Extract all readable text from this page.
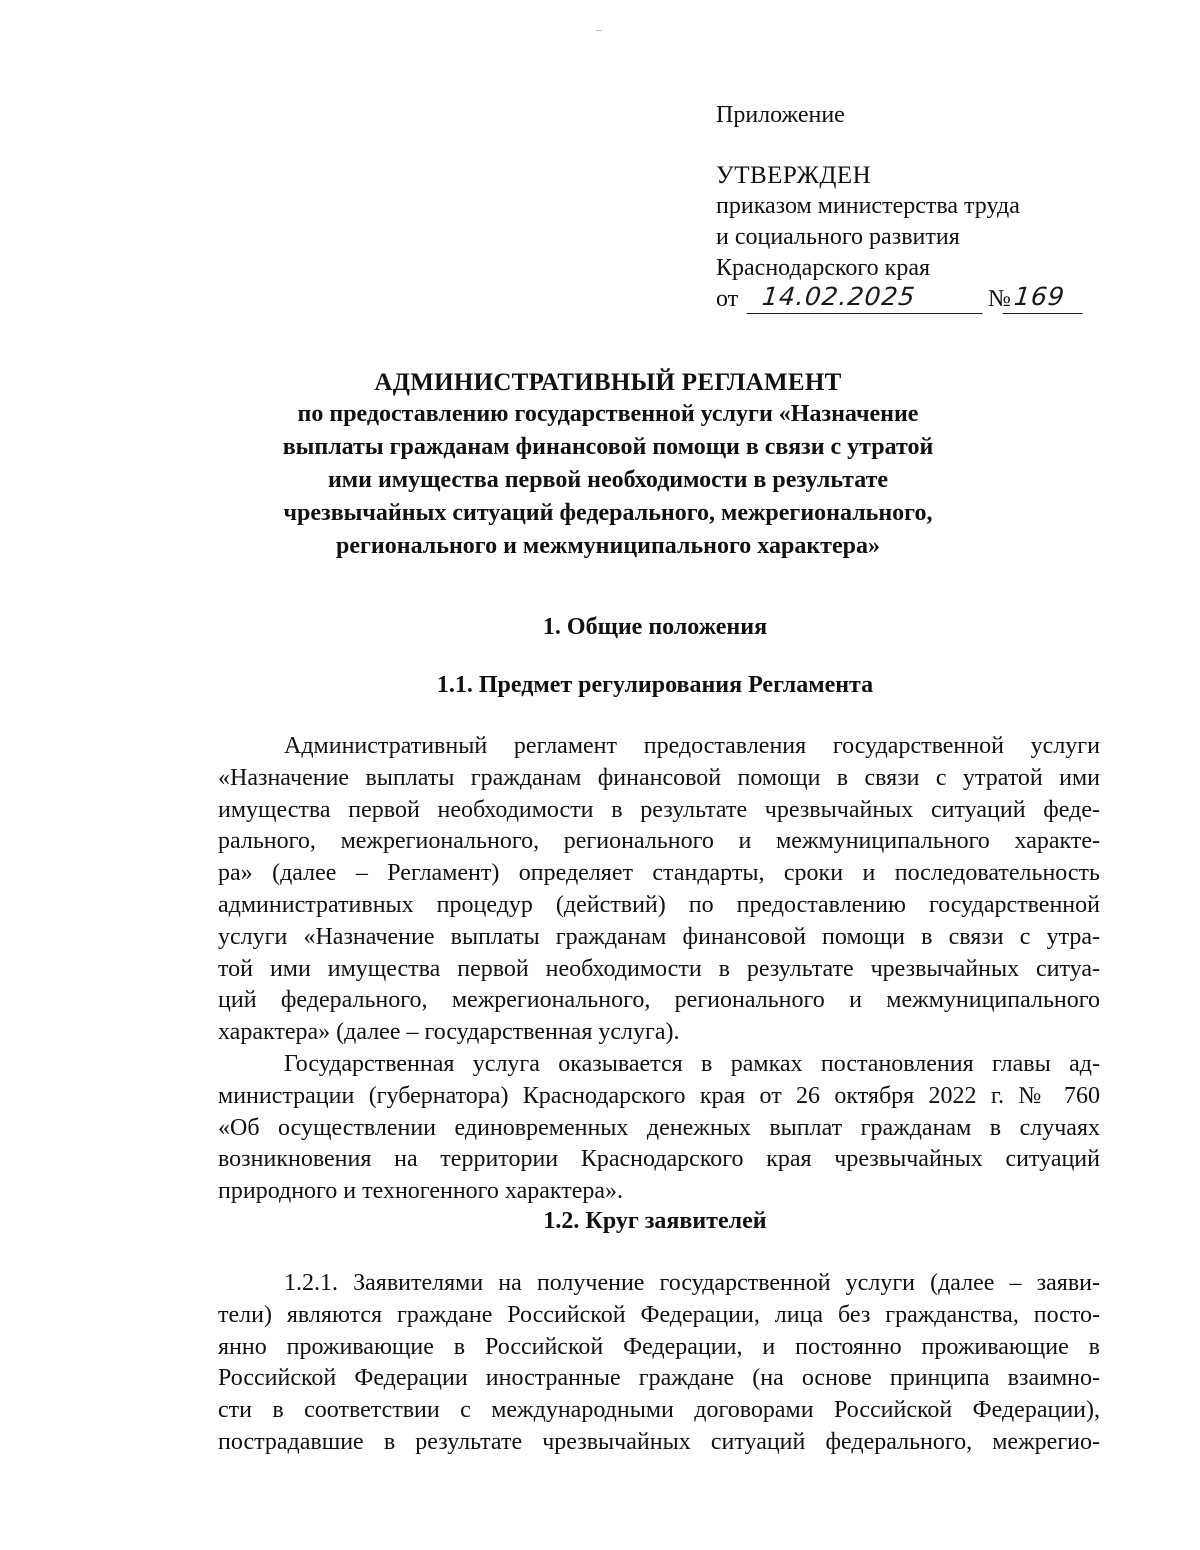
Приложение
УТВЕРЖДЕН
приказом министерства труда
и социального развития
Краснодарского края
от 14.02.2025	№ 169
АДМИНИСТРАТИВНЫЙ РЕГЛАМЕНТ
по предоставлению государственной услуги «Назначение
выплаты гражданам финансовой помощи в связи с утратой
ими имущества первой необходимости в результате
чрезвычайных ситуаций федерального, межрегионального,
регионального и межмуниципального характера»
1. Общие положения
1.1. Предмет регулирования Регламента
Административный регламент предоставления государственной услуги
«Назначение выплаты гражданам финансовой помощи в связи с утратой ими
имущества первой необходимости в результате чрезвычайных ситуаций феде-
рального, межрегионального, регионального и межмуниципального характе-
ра» (далее – Регламент) определяет стандарты, сроки и последовательность
административных процедур (действий) по предоставлению государственной
услуги «Назначение выплаты гражданам финансовой помощи в связи с утра-
той ими имущества первой необходимости в результате чрезвычайных ситуа-
ций федерального, межрегионального, регионального и межмуниципального
характера» (далее – государственная услуга).
Государственная услуга оказывается в рамках постановления главы ад-
министрации (губернатора) Краснодарского края от 26 октября 2022 г. № 760
«Об осуществлении единовременных денежных выплат гражданам в случаях
возникновения на территории Краснодарского края чрезвычайных ситуаций
природного и техногенного характера».
1.2. Круг заявителей
1.2.1. Заявителями на получение государственной услуги (далее – заяви-
тели) являются граждане Российской Федерации, лица без гражданства, посто-
янно проживающие в Российской Федерации, и постоянно проживающие в
Российской Федерации иностранные граждане (на основе принципа взаимно-
сти в соответствии с международными договорами Российской Федерации),
пострадавшие в результате чрезвычайных ситуаций федерального, межрегио-
